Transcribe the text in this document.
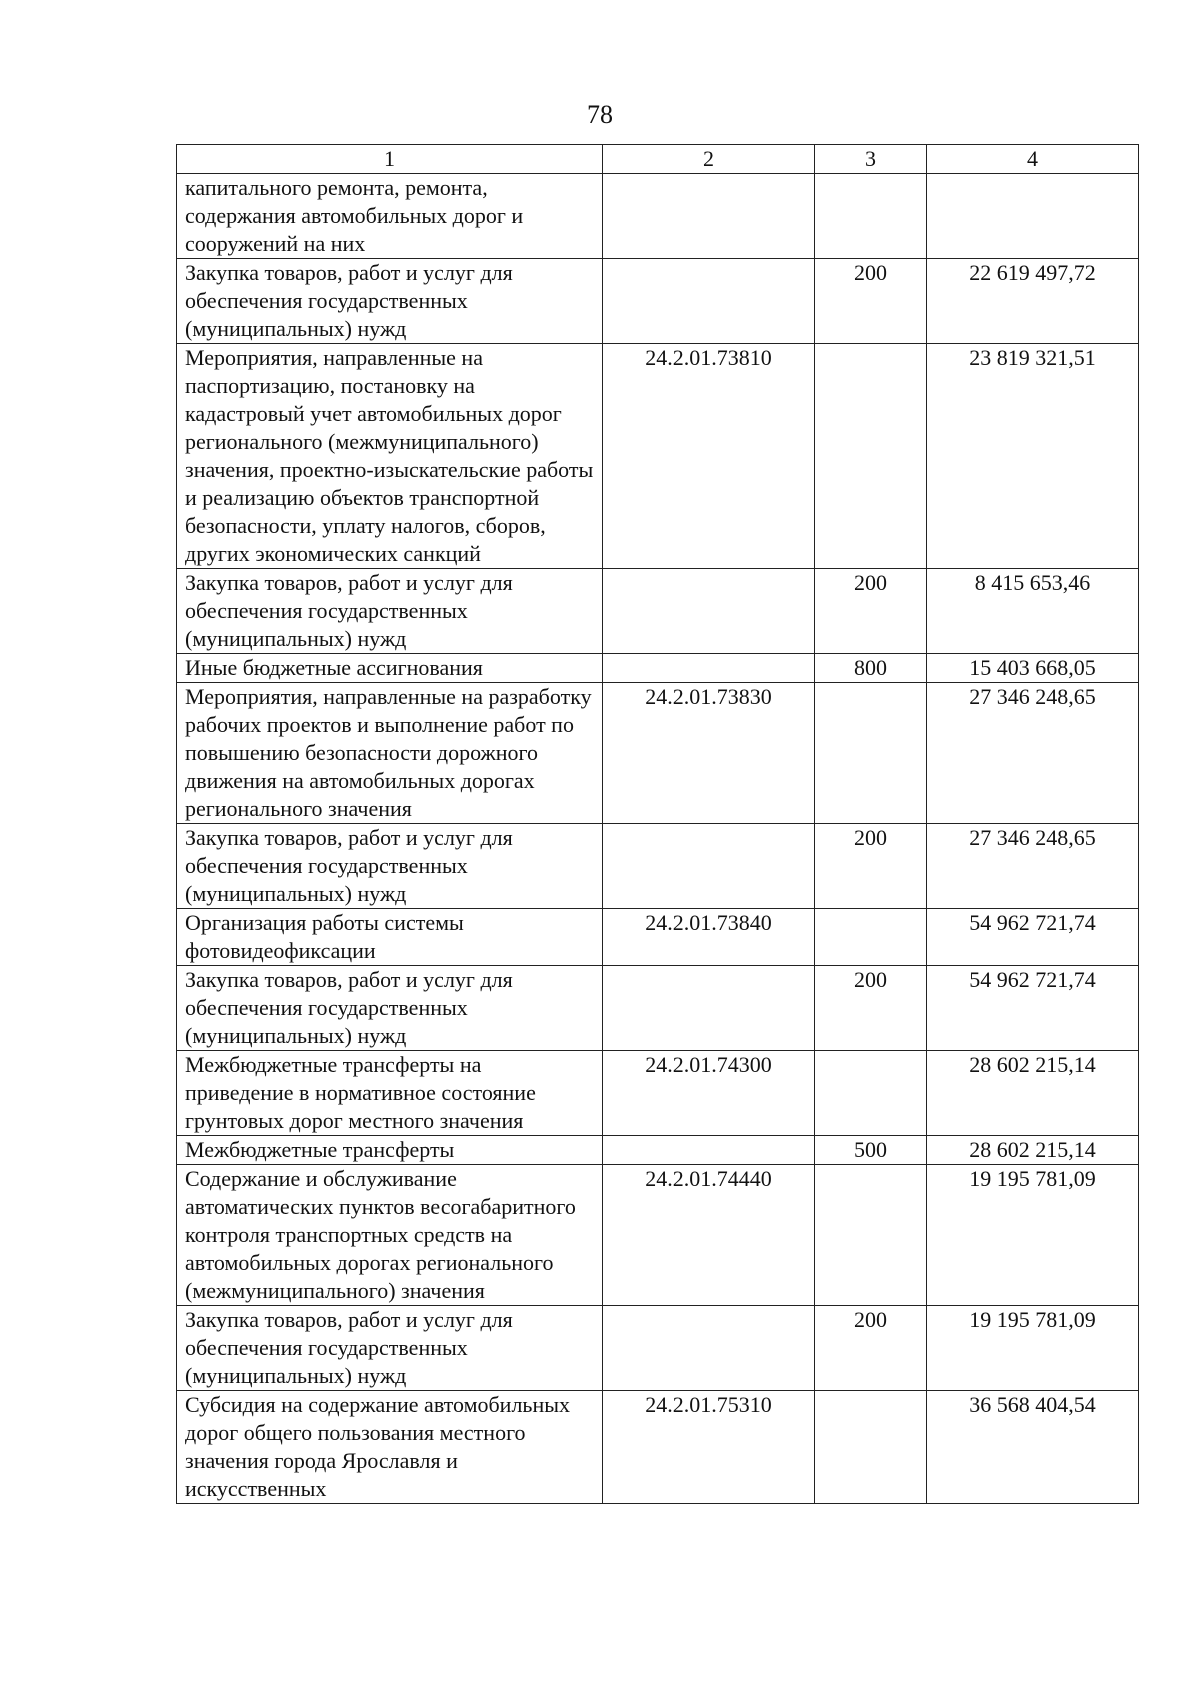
78
1	2	3	4
капитального ремонта, ремонта, содержания автомобильных дорог и сооружений на них			
Закупка товаров, работ и услуг для обеспечения государственных (муниципальных) нужд		200	22 619 497,72
Мероприятия, направленные на паспортизацию, постановку на кадастровый учет автомобильных дорог регионального (межмуниципального) значения, проектно-изыскательские работы и реализацию объектов транспортной безопасности, уплату налогов, сборов, других экономических санкций	24.2.01.73810		23 819 321,51
Закупка товаров, работ и услуг для обеспечения государственных (муниципальных) нужд		200	8 415 653,46
Иные бюджетные ассигнования		800	15 403 668,05
Мероприятия, направленные на разработку рабочих проектов и выполнение работ по повышению безопасности дорожного движения на автомобильных дорогах регионального значения	24.2.01.73830		27 346 248,65
Закупка товаров, работ и услуг для обеспечения государственных (муниципальных) нужд		200	27 346 248,65
Организация работы системы фотовидеофиксации	24.2.01.73840		54 962 721,74
Закупка товаров, работ и услуг для обеспечения государственных (муниципальных) нужд		200	54 962 721,74
Межбюджетные трансферты на приведение в нормативное состояние грунтовых дорог местного значения	24.2.01.74300		28 602 215,14
Межбюджетные трансферты		500	28 602 215,14
Содержание и обслуживание автоматических пунктов весогабаритного контроля транспортных средств на автомобильных дорогах регионального (межмуниципального) значения	24.2.01.74440		19 195 781,09
Закупка товаров, работ и услуг для обеспечения государственных (муниципальных) нужд		200	19 195 781,09
Субсидия на содержание автомобильных дорог общего пользования местного значения города Ярославля и искусственных	24.2.01.75310		36 568 404,54
